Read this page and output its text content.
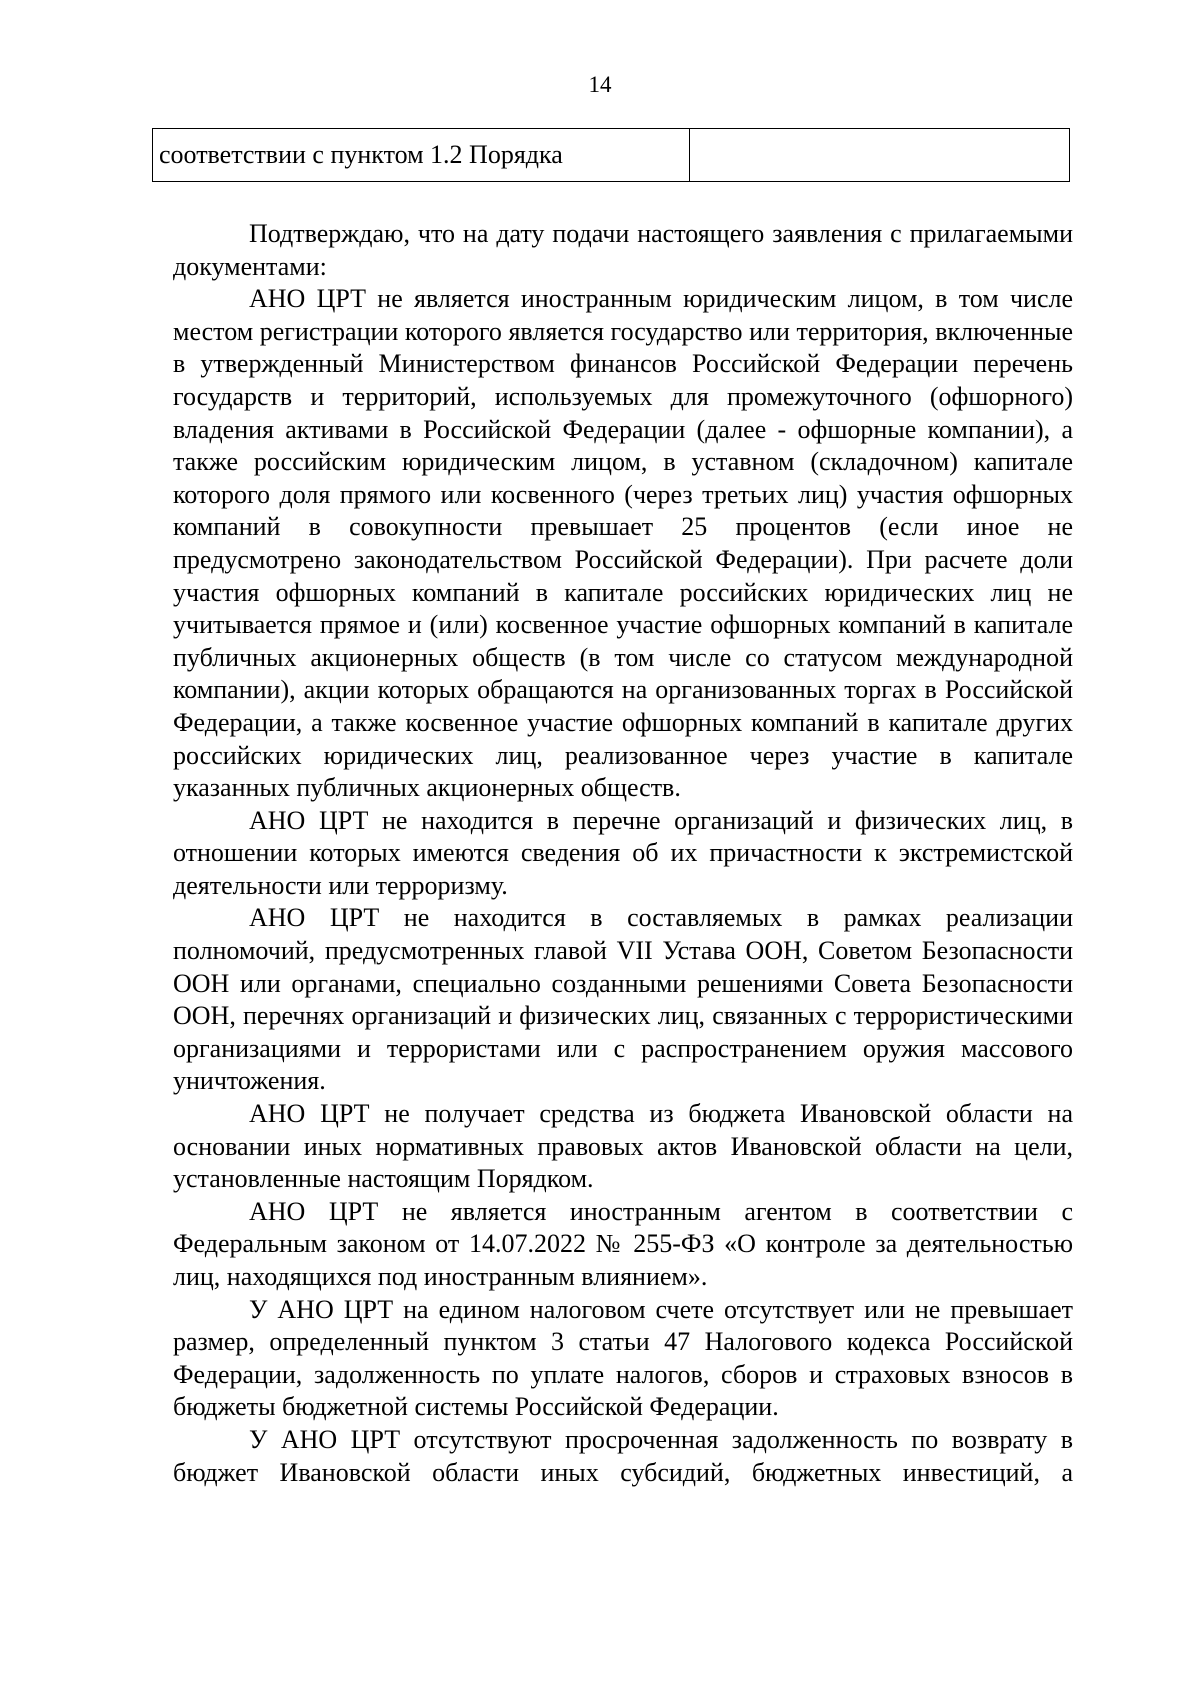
14
соответствии с пунктом 1.2 Порядка	

Подтверждаю, что на дату подачи настоящего заявления с прилагаемыми документами:

АНО ЦРТ не является иностранным юридическим лицом, в том числе местом регистрации которого является государство или территория, включенные в утвержденный Министерством финансов Российской Федерации перечень государств и территорий, используемых для промежуточного (офшорного) владения активами в Российской Федерации (далее - офшорные компании), а также российским юридическим лицом, в уставном (складочном) капитале которого доля прямого или косвенного (через третьих лиц) участия офшорных компаний в совокупности превышает 25 процентов (если иное не предусмотрено законодательством Российской Федерации). При расчете доли участия офшорных компаний в капитале российских юридических лиц не учитывается прямое и (или) косвенное участие офшорных компаний в капитале публичных акционерных обществ (в том числе со статусом международной компании), акции которых обращаются на организованных торгах в Российской Федерации, а также косвенное участие офшорных компаний в капитале других российских юридических лиц, реализованное через участие в капитале указанных публичных акционерных обществ.

АНО ЦРТ не находится в перечне организаций и физических лиц, в отношении которых имеются сведения об их причастности к экстремистской деятельности или терроризму.

АНО ЦРТ не находится в составляемых в рамках реализации полномочий, предусмотренных главой VII Устава ООН, Советом Безопасности ООН или органами, специально созданными решениями Совета Безопасности ООН, перечнях организаций и физических лиц, связанных с террористическими организациями и террористами или с распространением оружия массового уничтожения.

АНО ЦРТ не получает средства из бюджета Ивановской области на основании иных нормативных правовых актов Ивановской области на цели, установленные настоящим Порядком.

АНО ЦРТ не является иностранным агентом в соответствии с Федеральным законом от 14.07.2022 № 255-ФЗ «О контроле за деятельностью лиц, находящихся под иностранным влиянием».

У АНО ЦРТ на едином налоговом счете отсутствует или не превышает размер, определенный пунктом 3 статьи 47 Налогового кодекса Российской Федерации, задолженность по уплате налогов, сборов и страховых взносов в бюджеты бюджетной системы Российской Федерации.

У АНО ЦРТ отсутствуют просроченная задолженность по возврату в бюджет Ивановской области иных субсидий, бюджетных инвестиций, а
